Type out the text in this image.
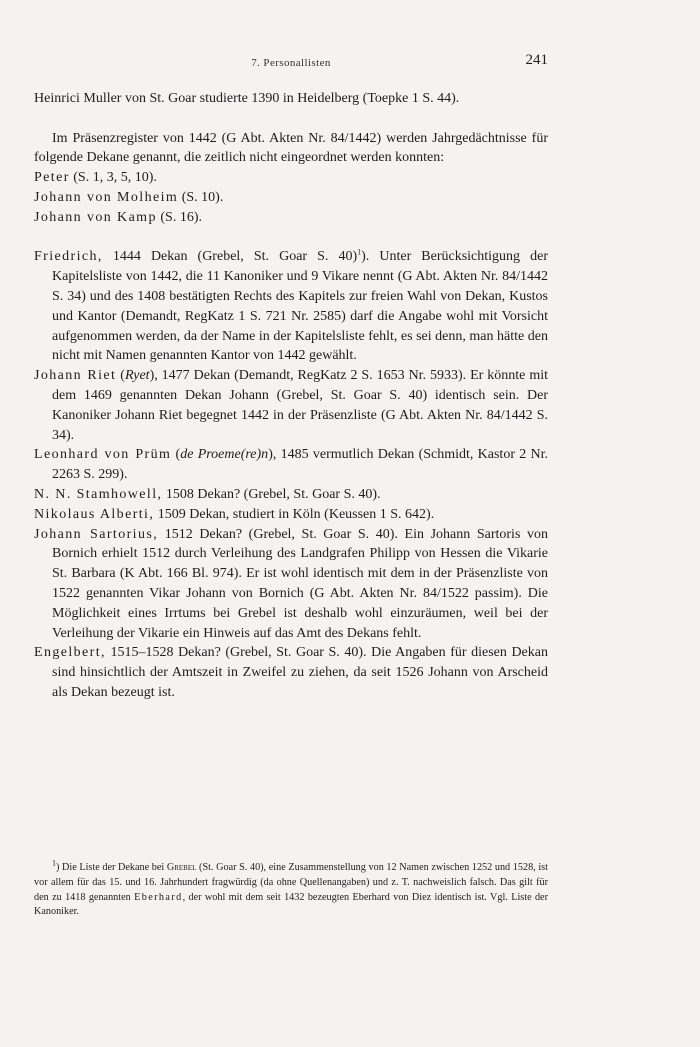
7. Personallisten	241

Heinrici Muller von St. Goar studierte 1390 in Heidelberg (Toepke 1 S. 44).

Im Präsenzregister von 1442 (G Abt. Akten Nr. 84/1442) werden Jahrgedächtnisse für folgende Dekane genannt, die zeitlich nicht eingeordnet werden konnten:

Peter (S. 1, 3, 5, 10).

Johann von Molheim (S. 10).

Johann von Kamp (S. 16).

Friedrich, 1444 Dekan (Grebel, St. Goar S. 40)$^1$). Unter Berücksichtigung der Kapitelsliste von 1442, die 11 Kanoniker und 9 Vikare nennt (G Abt. Akten Nr. 84/1442 S. 34) und des 1408 bestätigten Rechts des Kapitels zur freien Wahl von Dekan, Kustos und Kantor (Demandt, RegKatz 1 S. 721 Nr. 2585) darf die Angabe wohl mit Vorsicht aufgenommen werden, da der Name in der Kapitelsliste fehlt, es sei denn, man hätte den nicht mit Namen genannten Kantor von 1442 gewählt.

Johann Riet (Ryet), 1477 Dekan (Demandt, RegKatz 2 S. 1653 Nr. 5933). Er könnte mit dem 1469 genannten Dekan Johann (Grebel, St. Goar S. 40) identisch sein. Der Kanoniker Johann Riet begegnet 1442 in der Präsenzliste (G Abt. Akten Nr. 84/1442 S. 34).

Leonhard von Prüm (de Proeme(re)n), 1485 vermutlich Dekan (Schmidt, Kastor 2 Nr. 2263 S. 299).

N. N. Stamhowell, 1508 Dekan? (Grebel, St. Goar S. 40).

Nikolaus Alberti, 1509 Dekan, studiert in Köln (Keussen 1 S. 642).

Johann Sartorius, 1512 Dekan? (Grebel, St. Goar S. 40). Ein Johann Sartoris von Bornich erhielt 1512 durch Verleihung des Landgrafen Philipp von Hessen die Vikarie St. Barbara (K Abt. 166 Bl. 974). Er ist wohl identisch mit dem in der Präsenzliste von 1522 genannten Vikar Johann von Bornich (G Abt. Akten Nr. 84/1522 passim). Die Möglichkeit eines Irrtums bei Grebel ist deshalb wohl einzuräumen, weil bei der Verleihung der Vikarie ein Hinweis auf das Amt des Dekans fehlt.

Engelbert, 1515–1528 Dekan? (Grebel, St. Goar S. 40). Die Angaben für diesen Dekan sind hinsichtlich der Amtszeit in Zweifel zu ziehen, da seit 1526 Johann von Arscheid als Dekan bezeugt ist.

$^1$) Die Liste der Dekane bei Grebel (St. Goar S. 40), eine Zusammenstellung von 12 Namen zwischen 1252 und 1528, ist vor allem für das 15. und 16. Jahrhundert fragwürdig (da ohne Quellenangaben) und z. T. nachweislich falsch. Das gilt für den zu 1418 genannten Eberhard, der wohl mit dem seit 1432 bezeugten Eberhard von Diez identisch ist. Vgl. Liste der Kanoniker.
